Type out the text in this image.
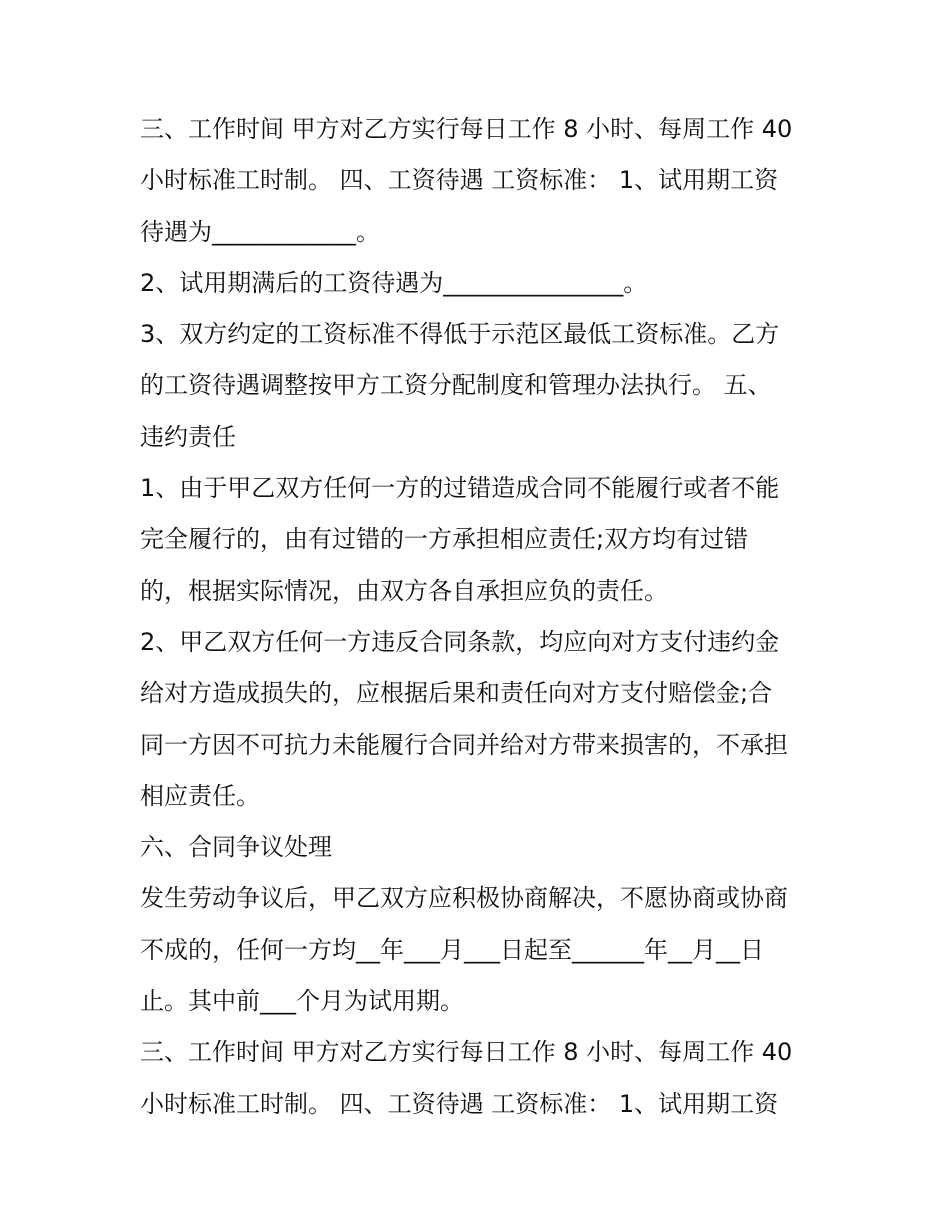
三、工作时间 甲方对乙方实行每日工作 8 小时、每周工作 40
小时标准工时制。 四、工资待遇 工资标准： 1、试用期工资
待遇为____________。
2、试用期满后的工资待遇为_______________。
3、双方约定的工资标准不得低于示范区最低工资标准。乙方
的工资待遇调整按甲方工资分配制度和管理办法执行。 五、
违约责任
1、由于甲乙双方任何一方的过错造成合同不能履行或者不能
完全履行的，由有过错的一方承担相应责任;双方均有过错
的，根据实际情况，由双方各自承担应负的责任。
2、甲乙双方任何一方违反合同条款，均应向对方支付违约金
给对方造成损失的，应根据后果和责任向对方支付赔偿金;合
同一方因不可抗力未能履行合同并给对方带来损害的，不承担
相应责任。
六、合同争议处理
发生劳动争议后，甲乙双方应积极协商解决，不愿协商或协商
不成的，任何一方均__年___月___日起至______年__月__日
止。其中前___个月为试用期。
三、工作时间 甲方对乙方实行每日工作 8 小时、每周工作 40
小时标准工时制。 四、工资待遇 工资标准： 1、试用期工资
